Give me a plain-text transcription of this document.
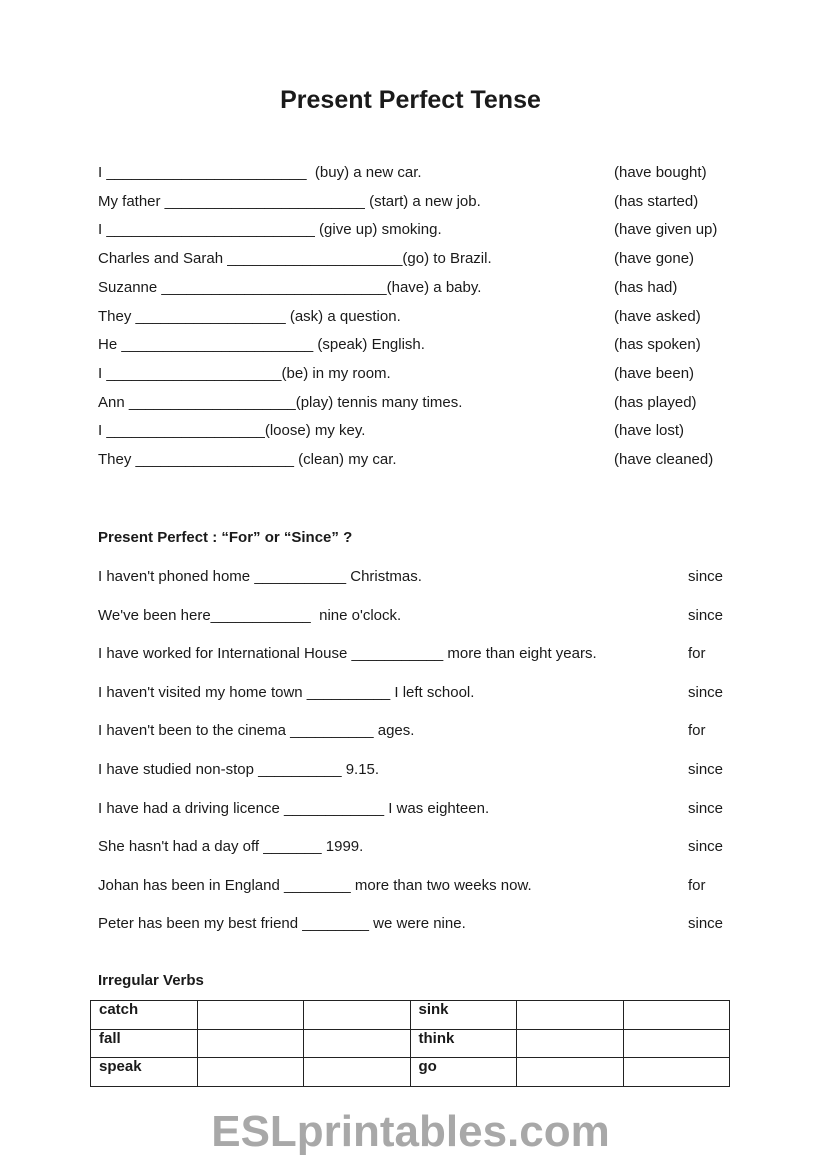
Present Perfect Tense
I ________________________  (buy) a new car.	(have bought)
My father ________________________ (start) a new job.	(has started)
I _________________________ (give up) smoking.	(have given up)
Charles and Sarah _____________________(go) to Brazil.	(have gone)
Suzanne ___________________________(have) a baby.	(has had)
They __________________ (ask) a question.	(have asked)
He _______________________ (speak) English.	(has spoken)
I _____________________(be) in my room.	(have been)
Ann ____________________(play) tennis many times.	(has played)
I ___________________(loose) my key.	(have lost)
They ___________________ (clean) my car.	(have cleaned)
Present Perfect : “For” or “Since” ?
I haven't phoned home ___________ Christmas.	since
We've been here____________  nine o'clock.	since
I have worked for International House ___________ more than eight years.	for
I haven't visited my home town __________ I left school.	since
I haven't been to the cinema __________ ages.	for
I have studied non-stop __________ 9.15.	since
I have had a driving licence ____________ I was eighteen.	since
She hasn't had a day off _______ 1999.	since
Johan has been in England ________ more than two weeks now.	for
Peter has been my best friend ________ we were nine.	since
Irregular Verbs
catch			sink		
fall			think		
speak			go		
ESLprintables.com
